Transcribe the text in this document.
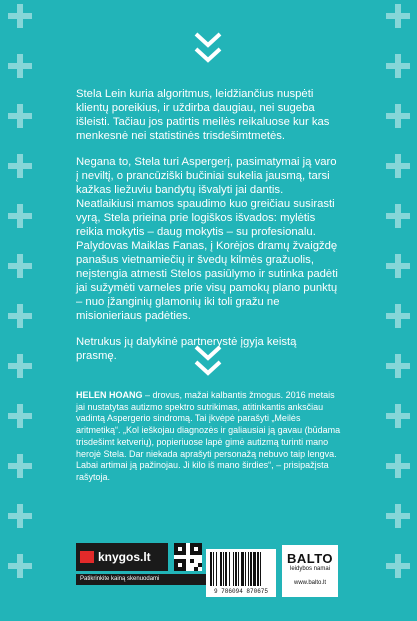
Stela Lein kuria algoritmus, leidžiančius nuspėti klientų poreikius, ir uždirba daugiau, nei sugeba išleisti. Tačiau jos patirtis meilės reikaluose kur kas menkesnė nei statistinės trisdešimtmetės.

Negana to, Stela turi Aspergerį, pasimatymai ją varo į neviltį, o prancūziški bučiniai sukelia jausmą, tarsi kažkas liežuviu bandytų išvalyti jai dantis. Neatlaikiusi mamos spaudimo kuo greičiau susirasti vyrą, Stela prieina prie logiškos išvados: mylėtis reikia mokytis – daug mokytis – su profesionalu. Palydovas Maiklas Fanas, į Korėjos dramų žvaigždę panašus vietnamiečių ir švedų kilmės gražuolis, neįstengia atmesti Stelos pasiūlymo ir sutinka padėti jai sužymėti varneles prie visų pamokų plano punktų – nuo įžanginių glamonių iki toli gražu ne misionieriaus padėties.

Netrukus jų dalykinė partnerystė įgyja keistą prasmę.

HELEN HOANG – drovus, mažai kalbantis žmogus. 2016 metais jai nustatytas autizmo spektro sutrikimas, atitinkantis anksčiau vadintą Aspergerio sindromą. Tai įkvėpė parašyti „Meilės aritmetiką“. „Kol ieškojau diagnozės ir galiausiai ją gavau (būdama trisdešimt ketverių), popieriuose lapė gimė autizmą turinti mano herojė Stela. Dar niekada aprašyti personažą nebuvo taip lengva. Labai artimai ją pažinojau. Ji kilo iš mano širdies“, – prisipažįsta rašytoja.
knygos.lt
Patikrinkite kainą skenuodami
9 786094 870675
BALTO
leidybos namai
www.balto.lt
